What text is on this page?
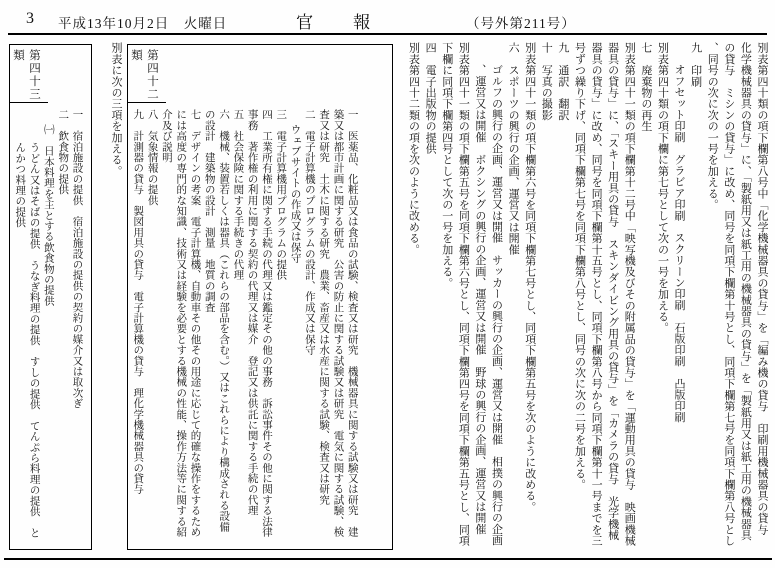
3 平成13年10月2日　火曜日	官　　報	（号外第211号）
別表第四十類の項下欄第八号中「化学機械器具の貸与」を「編み機の貸与　印刷用機械器具の貸与　化学機械器具の貸与」に、「製紙用又は紙工用の機械器具の貸与」を「製紙用又は紙工用の機械器具の貸与　ミシンの貸与」に改め、同号を同項下欄第十号とし、同項下欄第七号を同項下欄第八号とし、同号の次に次の一号を加える。
九　印刷
オフセット印刷　グラビア印刷　スクリーン印刷　石版印刷　凸版印刷
別表第四十類の項下欄に第七号として次の一号を加える。
七　廃棄物の再生
別表第四十一類の項下欄第十二号中「映写機及びその附属品の貸与」を「運動用具の貸与　映画機械器具の貸与」に、「スキー用具の貸与　スキンダイビング用具の貸与」を「カメラの貸与　光学機械器具の貸与」に改め、同号を同項下欄第十五号とし、同項下欄第八号から同項下欄第十一号までを三号ずつ繰り下げ、同項下欄第七号を同項下欄第八号とし、同号の次に次の二号を加える。
九　通訳　翻訳
十　写真の撮影
別表第四十一類の項下欄第六号を同項下欄第七号とし、同項下欄第五号を次のように改める。
六　スポーツの興行の企画、運営又は開催
ゴルフの興行の企画、運営又は開催　サッカーの興行の企画、運営又は開催　相撲の興行の企画、運営又は開催　ボクシングの興行の企画、運営又は開催　野球の興行の企画、運営又は開催
別表第四十一類の項下欄第五号を同項下欄第六号とし、同項下欄第四号を同項下欄第五号とし、同項下欄に同項下欄第四号として次の一号を加える。
四　電子出版物の提供
別表第四十二類の項を次のように改める。
第四十二類
一　医薬品、化粧品又は食品の試験、検査又は研究　機械器具に関する試験又は研究　建築又は都市計画に関する研究　公害の防止に関する試験又は研究　電気に関する試験、検査又は研究　土木に関する研究　農業、畜産又は水産に関する試験、検査又は研究
二　電子計算機のプログラムの設計、作成又は保守
ウェブサイトの作成又は保守
三　電子計算機用プログラムの提供
四　工業所有権に関する手続の代理又は鑑定その他の事務　訴訟事件その他に関する法律事務　著作権の利用に関する契約の代理又は媒介　登記又は供託に関する手続の代理
五　社会保険に関する手続きの代理
六　機械、装置若しくは器具（これらの部品を含む。）又はこれらにより構成される設備の設計　建築物の設計　測量　地質の調査
七　デザインの考案　電子計算機、自動車その他その用途に応じて的確な操作をするためには高度の専門的な知識、技術又は経験を必要とする機械の性能、操作方法等に関する紹介及び説明
八　気象情報の提供
九　計測器の貸与　製図用具の貸与　電子計算機の貸与　理化学機械器具の貸与
別表に次の三項を加える。
第四十三類
一　宿泊施設の提供　宿泊施設の提供の契約の媒介又は取次ぎ
二　飲食物の提供
㈠　日本料理を主とする飲食物の提供
うどん又はそばの提供　うなぎ料理の提供　すしの提供　てんぷら料理の提供　とんかつ料理の提供
